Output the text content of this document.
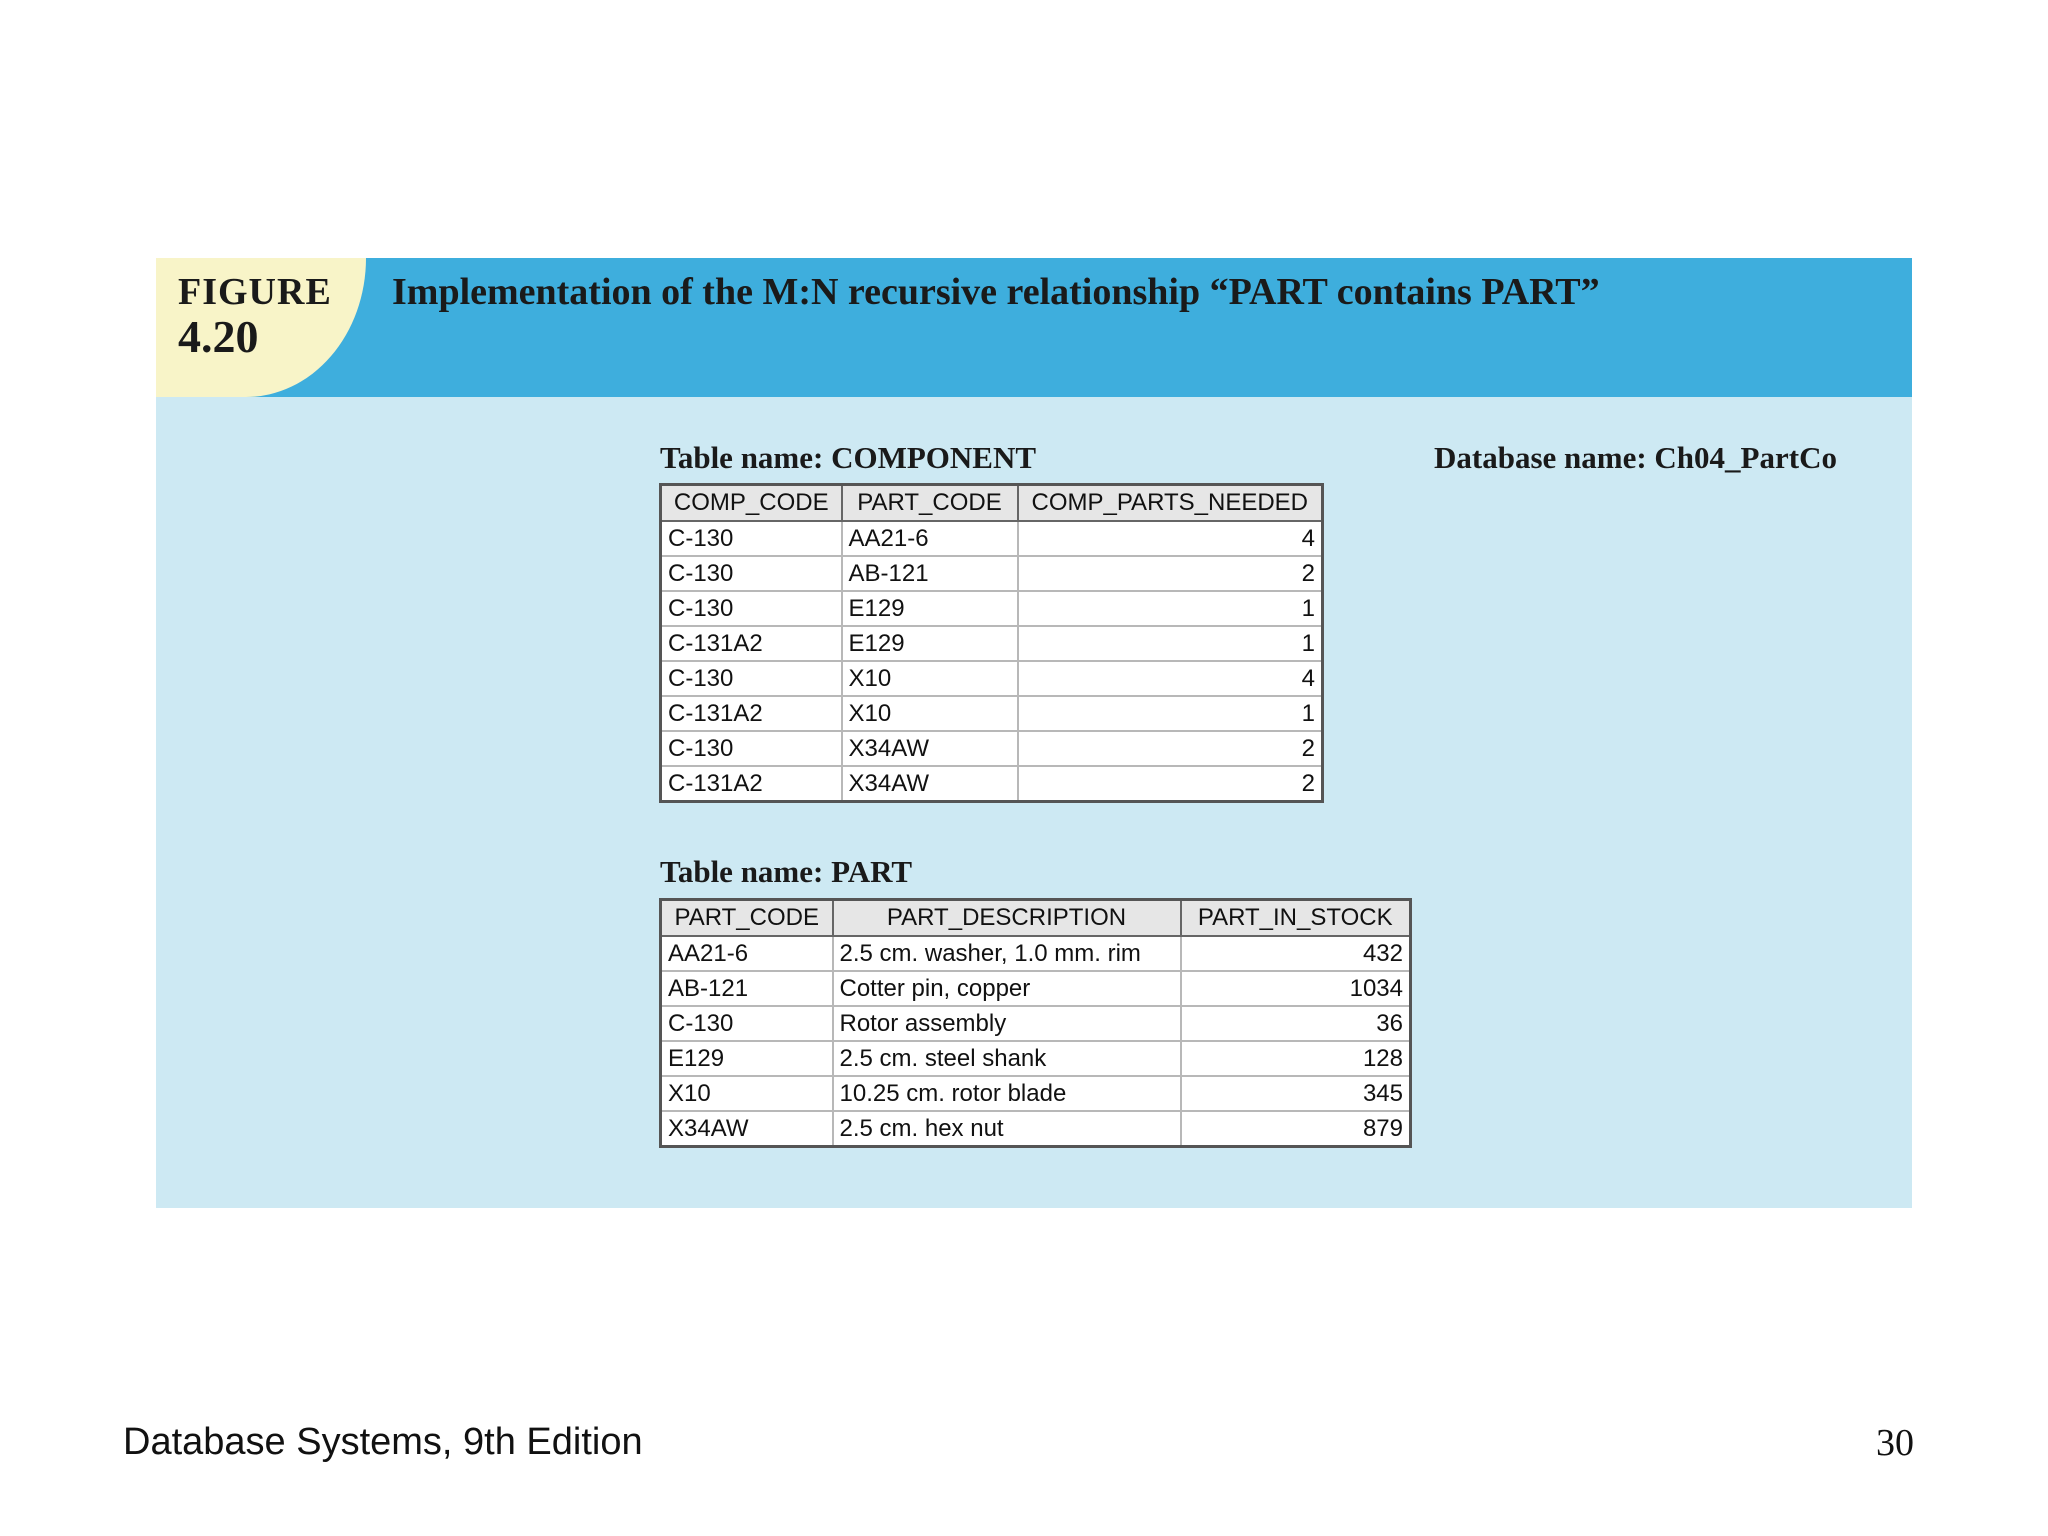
FIGURE
4.20
Implementation of the M:N recursive relationship “PART contains PART”
Table name: COMPONENT	Database name: Ch04_PartCo
COMP_CODE	PART_CODE	COMP_PARTS_NEEDED
C-130	AA21-6	4
C-130	AB-121	2
C-130	E129	1
C-131A2	E129	1
C-130	X10	4
C-131A2	X10	1
C-130	X34AW	2
C-131A2	X34AW	2
Table name: PART
PART_CODE	PART_DESCRIPTION	PART_IN_STOCK
AA21-6	2.5 cm. washer, 1.0 mm. rim	432
AB-121	Cotter pin, copper	1034
C-130	Rotor assembly	36
E129	2.5 cm. steel shank	128
X10	10.25 cm. rotor blade	345
X34AW	2.5 cm. hex nut	879
Database Systems, 9th Edition	30
